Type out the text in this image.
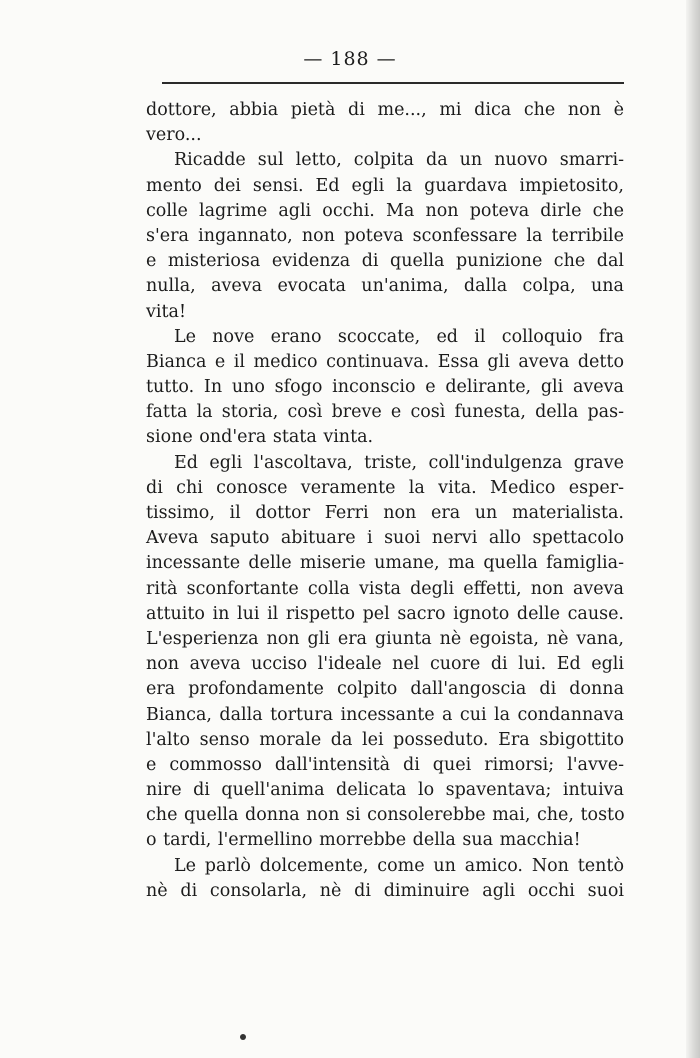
— 188 —
dottore, abbia pietà di me..., mi dica che non è
vero...
Ricadde sul letto, colpita da un nuovo smarri-
mento dei sensi. Ed egli la guardava impietosito,
colle lagrime agli occhi. Ma non poteva dirle che
s'era ingannato, non poteva sconfessare la terribile
e misteriosa evidenza di quella punizione che dal
nulla, aveva evocata un'anima, dalla colpa, una
vita!
Le nove erano scoccate, ed il colloquio fra
Bianca e il medico continuava. Essa gli aveva detto
tutto. In uno sfogo inconscio e delirante, gli aveva
fatta la storia, così breve e così funesta, della pas-
sione ond'era stata vinta.
Ed egli l'ascoltava, triste, coll'indulgenza grave
di chi conosce veramente la vita. Medico esper-
tissimo, il dottor Ferri non era un materialista.
Aveva saputo abituare i suoi nervi allo spettacolo
incessante delle miserie umane, ma quella famiglia-
rità sconfortante colla vista degli effetti, non aveva
attuito in lui il rispetto pel sacro ignoto delle cause.
L'esperienza non gli era giunta nè egoista, nè vana,
non aveva ucciso l'ideale nel cuore di lui. Ed egli
era profondamente colpito dall'angoscia di donna
Bianca, dalla tortura incessante a cui la condannava
l'alto senso morale da lei posseduto. Era sbigottito
e commosso dall'intensità di quei rimorsi; l'avve-
nire di quell'anima delicata lo spaventava; intuiva
che quella donna non si consolerebbe mai, che, tosto
o tardi, l'ermellino morrebbe della sua macchia!
Le parlò dolcemente, come un amico. Non tentò
nè di consolarla, nè di diminuire agli occhi suoi
